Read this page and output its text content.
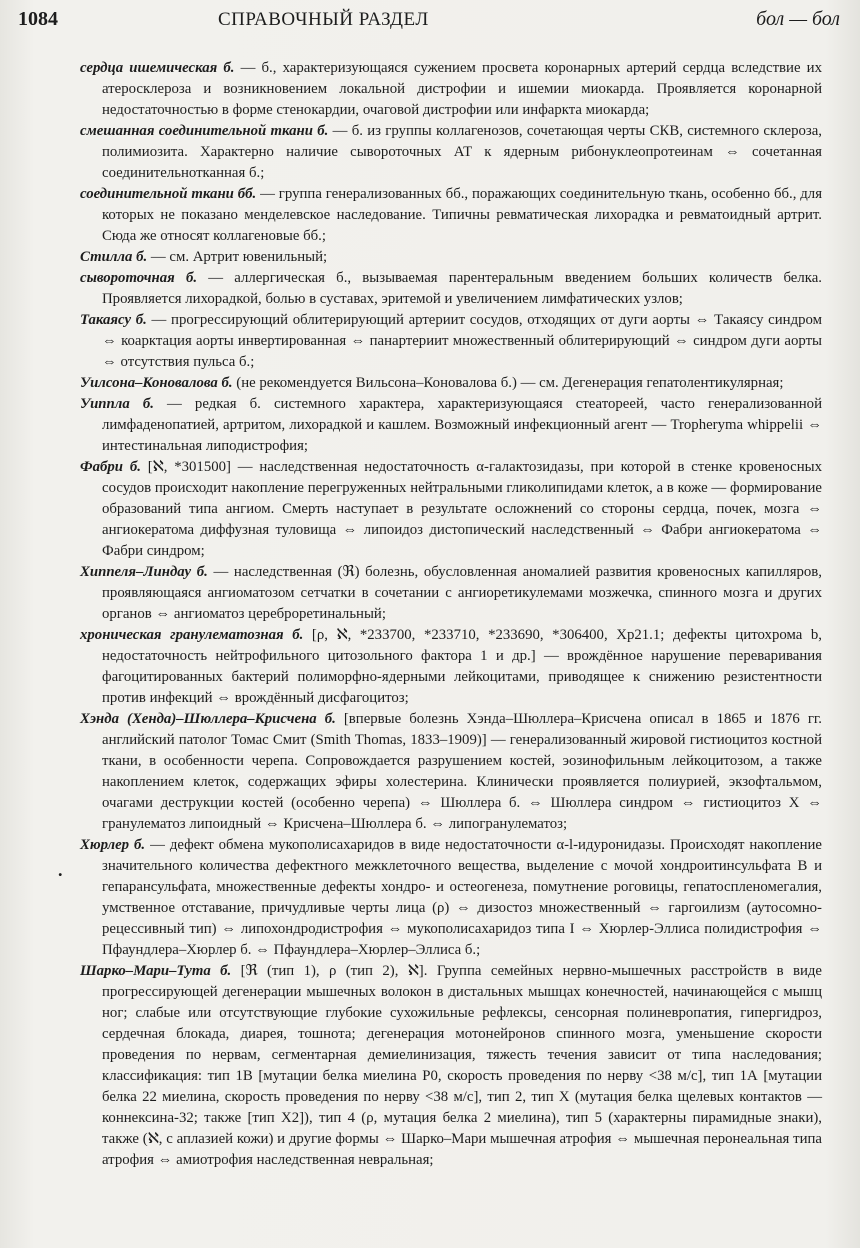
1084	СПРАВОЧНЫЙ РАЗДЕЛ	бол — бол
.

сердца ишемическая б. — б., характеризующаяся сужением просвета коронарных артерий сердца вследствие их атеросклероза и возникновением локальной дистрофии и ишемии миокарда. Проявляется коронарной недостаточностью в форме стенокардии, очаговой дистрофии или инфаркта миокарда;

смешанная соединительной ткани б. — б. из группы коллагенозов, сочетающая черты СКВ, системного склероза, полимиозита. Характерно наличие сывороточных АТ к ядерным рибонуклеопротеинам ⇔ сочетанная соединительнотканная б.;

соединительной ткани бб. — группа генерализованных бб., поражающих соединительную ткань, особенно бб., для которых не показано менделевское наследование. Типичны ревматическая лихорадка и ревматоидный артрит. Сюда же относят коллагеновые бб.;

Стилла б. — см. Артрит ювенильный;

сывороточная б. — аллергическая б., вызываемая парентеральным введением больших количеств белка. Проявляется лихорадкой, болью в суставах, эритемой и увеличением лимфатических узлов;

Такаясу б. — прогрессирующий облитерирующий артериит сосудов, отходящих от дуги аорты ⇔ Такаясу синдром ⇔ коарктация аорты инвертированная ⇔ панартериит множественный облитерирующий ⇔ синдром дуги аорты ⇔ отсутствия пульса б.;

Уилсона–Коновалова б. (не рекомендуется Вильсона–Коновалова б.) — см. Дегенерация гепатолентикулярная;

Уиппла б. — редкая б. системного характера, характеризующаяся стеатореей, часто генерализованной лимфаденопатией, артритом, лихорадкой и кашлем. Возможный инфекционный агент — Tropheryma whippelii ⇔ интестинальная липодистрофия;

Фабри б. [ℵ, *301500] — наследственная недостаточность α-галактозидазы, при которой в стенке кровеносных сосудов происходит накопление перегруженных нейтральными гликолипидами клеток, а в коже — формирование образований типа ангиом. Смерть наступает в результате осложнений со стороны сердца, почек, мозга ⇔ ангиокератома диффузная туловища ⇔ липоидоз дистопический наследственный ⇔ Фабри ангиокератома ⇔ Фабри синдром;

Хиппеля–Линдау б. — наследственная (ℜ) болезнь, обусловленная аномалией развития кровеносных капилляров, проявляющаяся ангиоматозом сетчатки в сочетании с ангиоретикулемами мозжечка, спинного мозга и других органов ⇔ ангиоматоз цереброретинальный;

хроническая гранулематозная б. [ρ, ℵ, *233700, *233710, *233690, *306400, Xp21.1; дефекты цитохрома b, недостаточность нейтрофильного цитозольного фактора 1 и др.] — врождённое нарушение переваривания фагоцитированных бактерий полиморфно-ядерными лейкоцитами, приводящее к снижению резистентности против инфекций ⇔ врождённый дисфагоцитоз;

Хэнда (Хенда)–Шюллера–Крисчена б. [впервые болезнь Хэнда–Шюллера–Крисчена описал в 1865 и 1876 гг. английский патолог Томас Смит (Smith Thomas, 1833–1909)] — генерализованный жировой гистиоцитоз костной ткани, в особенности черепа. Сопровождается разрушением костей, эозинофильным лейкоцитозом, а также накоплением клеток, содержащих эфиры холестерина. Клинически проявляется полиурией, экзофтальмом, очагами деструкции костей (особенно черепа) ⇔ Шюллера б. ⇔ Шюллера синдром ⇔ гистиоцитоз X ⇔ гранулематоз липоидный ⇔ Крисчена–Шюллера б. ⇔ липогранулематоз;

Хюрлер б. — дефект обмена мукополисахаридов в виде недостаточности α-l-идуронидазы. Происходят накопление значительного количества дефектного межклеточного вещества, выделение с мочой хондроитинсульфата В и гепарансульфата, множественные дефекты хондро- и остеогенеза, помутнение роговицы, гепатоспленомегалия, умственное отставание, причудливые черты лица (ρ) ⇔ дизостоз множественный ⇔ гаргоилизм (аутосомно-рецессивный тип) ⇔ липохондродистрофия ⇔ мукополисахаридоз типа I ⇔ Хюрлер-Эллиса полидистрофия ⇔ Пфаундлера–Хюрлер б. ⇔ Пфаундлера–Хюрлер–Эллиса б.;

Шарко–Мари–Тута б. [ℜ (тип 1), ρ (тип 2), ℵ]. Группа семейных нервно-мышечных расстройств в виде прогрессирующей дегенерации мышечных волокон в дистальных мышцах конечностей, начинающейся с мышц ног; слабые или отсутствующие глубокие сухожильные рефлексы, сенсорная полиневропатия, гипергидроз, сердечная блокада, диарея, тошнота; дегенерация мотонейронов спинного мозга, уменьшение скорости проведения по нервам, сегментарная демиелинизация, тяжесть течения зависит от типа наследования; классификация: тип 1B [мутации белка миелина P0, скорость проведения по нерву <38 м/с], тип 1А [мутации белка 22 миелина, скорость проведения по нерву <38 м/с], тип 2, тип X (мутация белка щелевых контактов — коннексина-32; также [тип X2]), тип 4 (ρ, мутация белка 2 миелина), тип 5 (характерны пирамидные знаки), также (ℵ, с аплазией кожи) и другие формы ⇔ Шарко–Мари мышечная атрофия ⇔ мышечная перонеальная типа атрофия ⇔ амиотрофия наследственная невральная;
